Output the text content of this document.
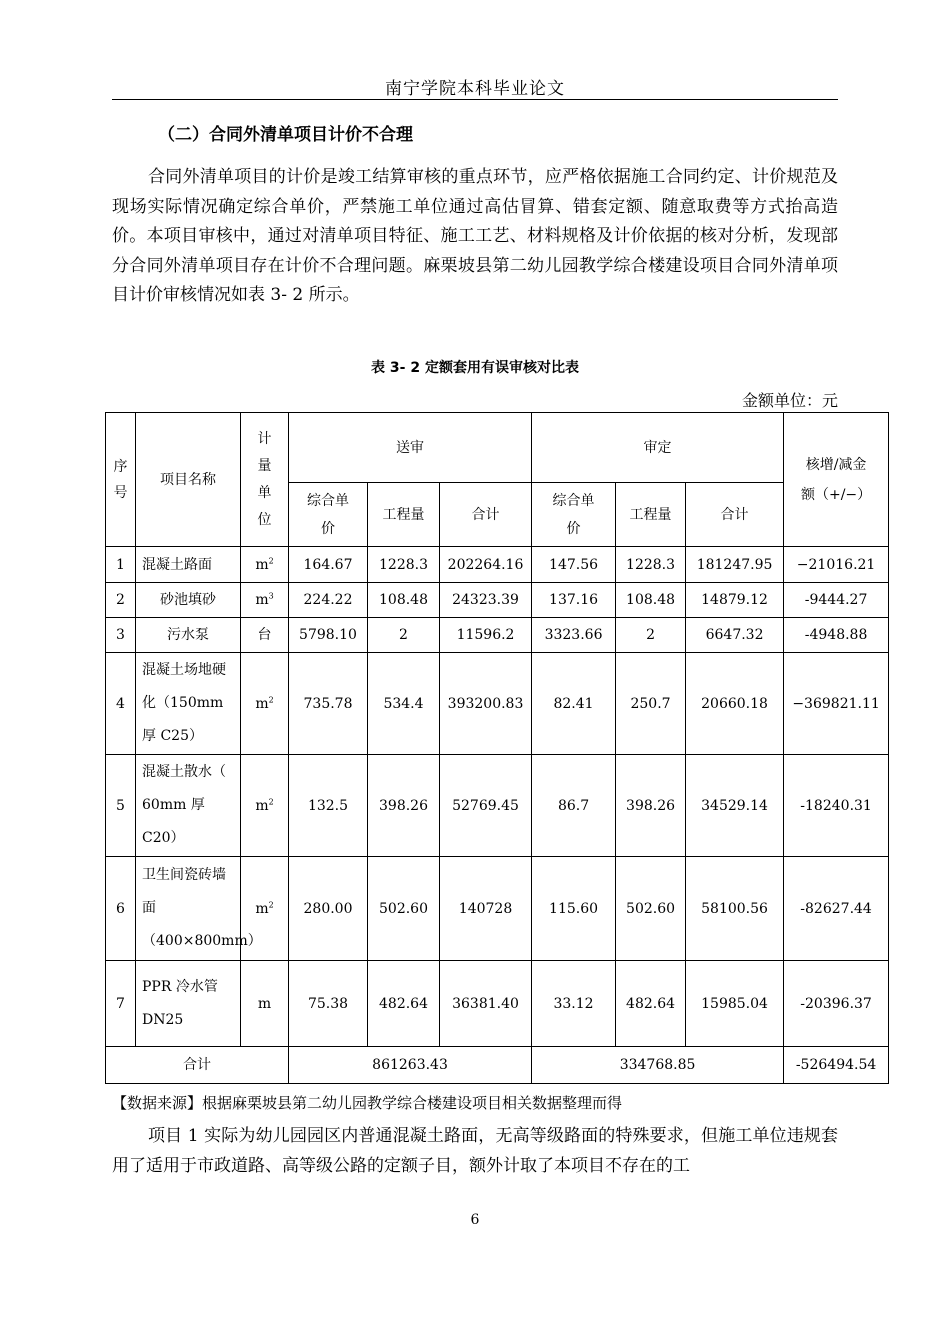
南宁学院本科毕业论文
（二）合同外清单项目计价不合理
合同外清单项目的计价是竣工结算审核的重点环节，应严格依据施工合同约定、计价规范及现场实际情况确定综合单价，严禁施工单位通过高估冒算、错套定额、随意取费等方式抬高造价。本项目审核中，通过对清单项目特征、施工工艺、材料规格及计价依据的核对分析，发现部分合同外清单项目存在计价不合理问题。麻栗坡县第二幼儿园教学综合楼建设项目合同外清单项目计价审核情况如表 3- 2 所示。
表 3- 2 定额套用有误审核对比表
金额单位：元
序
号	项目名称	计
量
单
位	送审			审定			核增/减金
额（+/−）
			综合单
价	工程量	合计	综合单
价	工程量	合计	
1	混凝土路面	$m^2$	164.67	1228.3	202264.16	147.56	1228.3	181247.95	−21016.21
2	砂池填砂	$m^3$	224.22	108.48	24323.39	137.16	108.48	14879.12	-9444.27
3	污水泵	台	5798.10	2	11596.2	3323.66	2	6647.32	-4948.88
4	混凝土场地硬化（150mm 厚 C25）	$m^2$	735.78	534.4	393200.83	82.41	250.7	20660.18	−369821.11
5	混凝土散水（ 60mm 厚 C20）	$m^2$	132.5	398.26	52769.45	86.7	398.26	34529.14	-18240.31
6	卫生间瓷砖墙面（400×800mm）	$m^2$	280.00	502.60	140728	115.60	502.60	58100.56	-82627.44
7	PPR 冷水管 DN25	m	75.38	482.64	36381.40	33.12	482.64	15985.04	-20396.37
合计			861263.43			334768.85			-526494.54
【数据来源】根据麻栗坡县第二幼儿园教学综合楼建设项目相关数据整理而得
项目 1 实际为幼儿园园区内普通混凝土路面，无高等级路面的特殊要求，但施工单位违规套用了适用于市政道路、高等级公路的定额子目，额外计取了本项目不存在的工
6
